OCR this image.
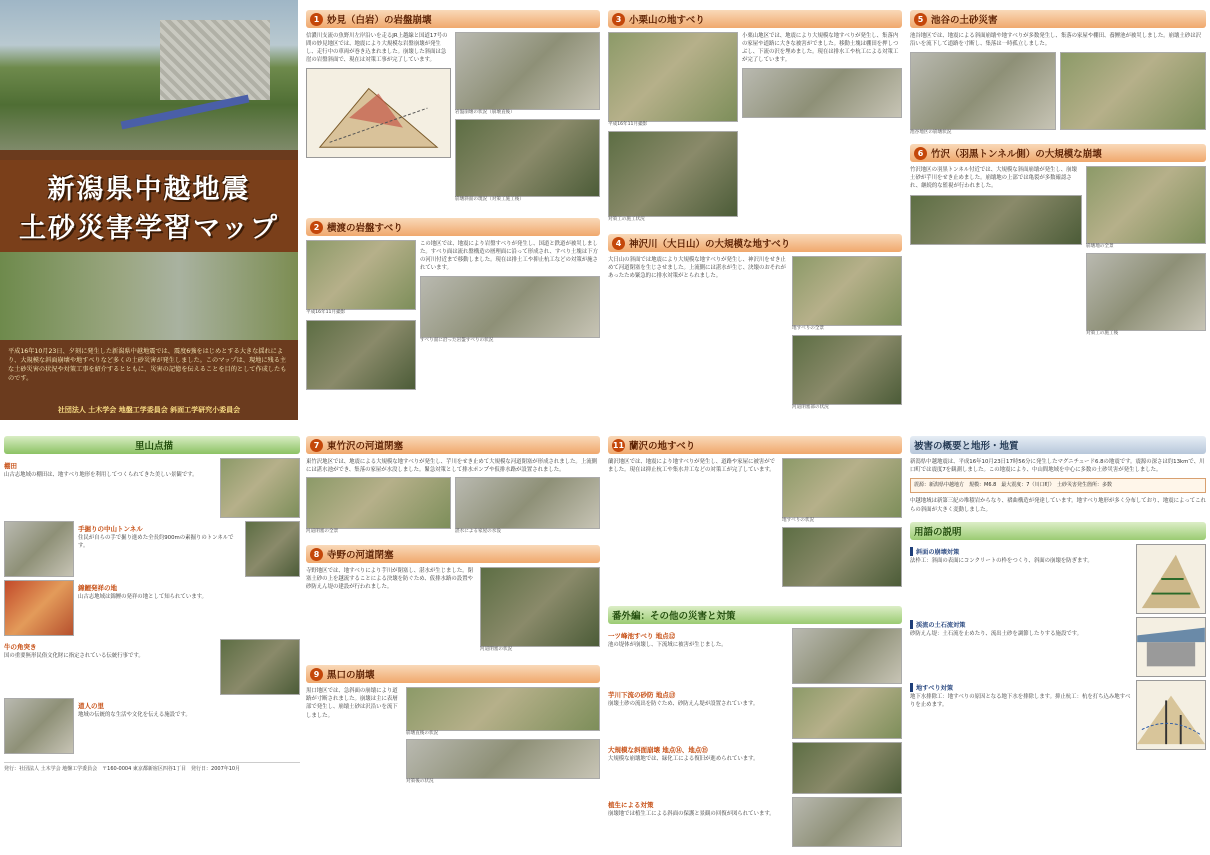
新潟県中越地震
土砂災害学習マップ
平成16年10月23日、夕刻に発生した新潟県中越地震では、震度6強をはじめとする大きな揺れにより、大規模な斜面崩壊や地すべりなど多くの土砂災害が発生しました。このマップは、現地に残る主な土砂災害の状況や対策工事を紹介するとともに、災害の記憶を伝えることを目的として作成したものです。
社団法人 土木学会 地盤工学委員会 斜面工学研究小委員会
1 妙見（白岩）の岩盤崩壊
信濃川支流の魚野川左岸沿いを走るJR上越線と国道17号の間の妙見地区では、地震により大規模な岩盤崩壊が発生し、走行中の車両が巻き込まれました。崩壊した斜面は急崖の岩盤斜面で、現在は対策工事が完了しています。
岩盤崩壊の状況（崩壊直後）
崩壊斜面の現況（対策工施工後）
2 横渡の岩盤すべり
平成16年11月撮影
この地区では、地震により岩盤すべりが発生し、国道と鉄道が被災しました。すべり面は流れ盤構造の層理面に沿って形成され、すべり土塊は下方の河川付近まで移動しました。現在は排土工や抑止杭工などの対策が施されています。
すべり面に沿った岩盤すべりの状況
3 小栗山の地すべり
平成16年11月撮影
対策工の施工状況
小栗山地区では、地震により大規模な地すべりが発生し、集落内の家屋や道路に大きな被害がでました。移動土塊は棚田を押しつぶし、下流の沢を埋めました。現在は排水工や杭工による対策工が完了しています。
4 神沢川（大日山）の大規模な地すべり
大日山の斜面では地震により大規模な地すべりが発生し、神沢川をせき止めて河道閉塞を生じさせました。上流側には湛水が生じ、決壊のおそれがあったため緊急的に排水対策がとられました。
地すべりの全景
河道閉塞部の状況
5 池谷の土砂災害
池谷地区では、地震による斜面崩壊や地すべりが多数発生し、集落の家屋や棚田、養鯉池が被災しました。崩壊土砂は沢沿いを流下して道路を寸断し、集落は一時孤立しました。
池谷地区の崩壊状況
6 竹沢（羽黒トンネル側）の大規模な崩壊
竹沢地区の羽黒トンネル付近では、大規模な斜面崩壊が発生し、崩壊土砂が芋川をせき止めました。崩壊地の上部では亀裂が多数確認され、継続的な監視が行われました。
崩壊地の全景
対策工の施工後
里山点描
棚田
山古志地域の棚田は、地すべり地形を利用してつくられてきた美しい景観です。
手掘りの中山トンネル
住民が自らの手で掘り進めた全長約900mの素掘りのトンネルです。
錦鯉発祥の地
山古志地域は錦鯉の発祥の地として知られています。
牛の角突き
国の重要無形民俗文化財に指定されている伝統行事です。
道人の里
地域の伝統的な生活や文化を伝える施設です。
発行：社団法人 土木学会 地盤工学委員会　〒160-0004 東京都新宿区四谷1丁目　発行日：2007年10月
7 東竹沢の河道閉塞
東竹沢地区では、地震による大規模な地すべりが発生し、芋川をせき止めて大規模な河道閉塞が形成されました。上流側には湛水池ができ、集落の家屋が水没しました。緊急対策として排水ポンプや仮排水路が設置されました。
河道閉塞の全景	湛水による家屋の水没
8 寺野の河道閉塞
寺野地区では、地すべりにより芋川が閉塞し、湛水が生じました。閉塞土砂の上を越流することによる決壊を防ぐため、仮排水路の設置や砂防えん堤の建設が行われました。
河道閉塞の状況
9 黒口の崩壊
黒口地区では、急斜面の崩壊により道路が寸断されました。崩壊は主に表層部で発生し、崩壊土砂は沢沿いを流下しました。
崩壊直後の状況
対策後の状況
11 蘭沢の地すべり
蘭沢地区では、地震により地すべりが発生し、道路や家屋に被害がでました。現在は抑止杭工や集水井工などの対策工が完了しています。
地すべりの状況
番外編：その他の災害と対策
一ツ峰池すべり 地点⑫
池の堤体が崩壊し、下流域に被害が生じました。
芋川下流の砂防 地点⑬
崩壊土砂の流出を防ぐため、砂防えん堤が設置されています。
大規模な斜面崩壊 地点⑭、地点⑮
大規模な崩壊地では、緑化工による復旧が進められています。
植生による対策
崩壊地では植生工による斜面の保護と景観の回復が図られています。
被害の概要と地形・地質
新潟県中越地震は、平成16年10月23日17時56分に発生したマグニチュード6.8の地震です。震源の深さは約13kmで、川口町では震度7を観測しました。この地震により、中山間地域を中心に多数の土砂災害が発生しました。
震源：新潟県中越地方　規模：M6.8　最大震度：7（川口町）　土砂災害発生箇所：多数
中越地域は新第三紀の堆積岩からなり、褶曲構造が発達しています。地すべり地形が多く分布しており、地震によってこれらの斜面が大きく変動しました。
用語の説明
斜面の崩壊対策
法枠工：斜面の表面にコンクリートの枠をつくり、斜面の崩壊を防ぎます。
渓流の土石流対策
砂防えん堤：土石流を止めたり、流出土砂を調節したりする施設です。
地すべり対策
地下水排除工：地すべりの原因となる地下水を排除します。抑止杭工：杭を打ち込み地すべりを止めます。
